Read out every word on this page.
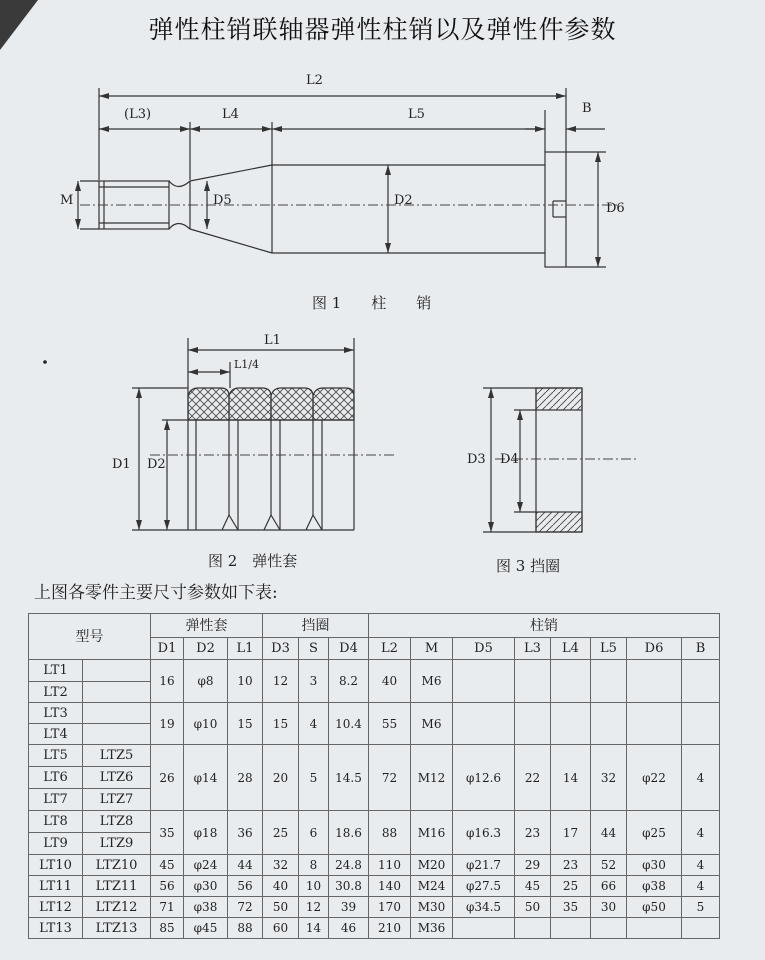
弹性柱销联轴器弹性柱销以及弹性件参数
L2
(L3)	L4	L5	B
M	D5	D2
D6
图 1　　柱　　销
L1
L1/4
D1 D2	D3 D4
图 2　弹性套	图 3 挡圈
上图各零件主要尺寸参数如下表:
型号		弹性套			挡圈			柱销							
		D1	D2	L1	D3	S	D4	L2	M	D5	L3	L4	L5	D6	B
LT1		16	φ8	10	12	3	8.2	40	M6						
LT2															
LT3		19	φ10	15	15	4	10.4	55	M6						
LT4															
LT5	LTZ5	26	φ14	28	20	5	14.5	72	M12	φ12.6	22	14	32	φ22	4
LT6	LTZ6														
LT7	LTZ7														
LT8	LTZ8	35	φ18	36	25	6	18.6	88	M16	φ16.3	23	17	44	φ25	4
LT9	LTZ9														
LT10	LTZ10	45	φ24	44	32	8	24.8	110	M20	φ21.7	29	23	52	φ30	4
LT11	LTZ11	56	φ30	56	40	10	30.8	140	M24	φ27.5	45	25	66	φ38	4
LT12	LTZ12	71	φ38	72	50	12	39	170	M30	φ34.5	50	35	30	φ50	5
LT13	LTZ13	85	φ45	88	60	14	46	210	M36						
